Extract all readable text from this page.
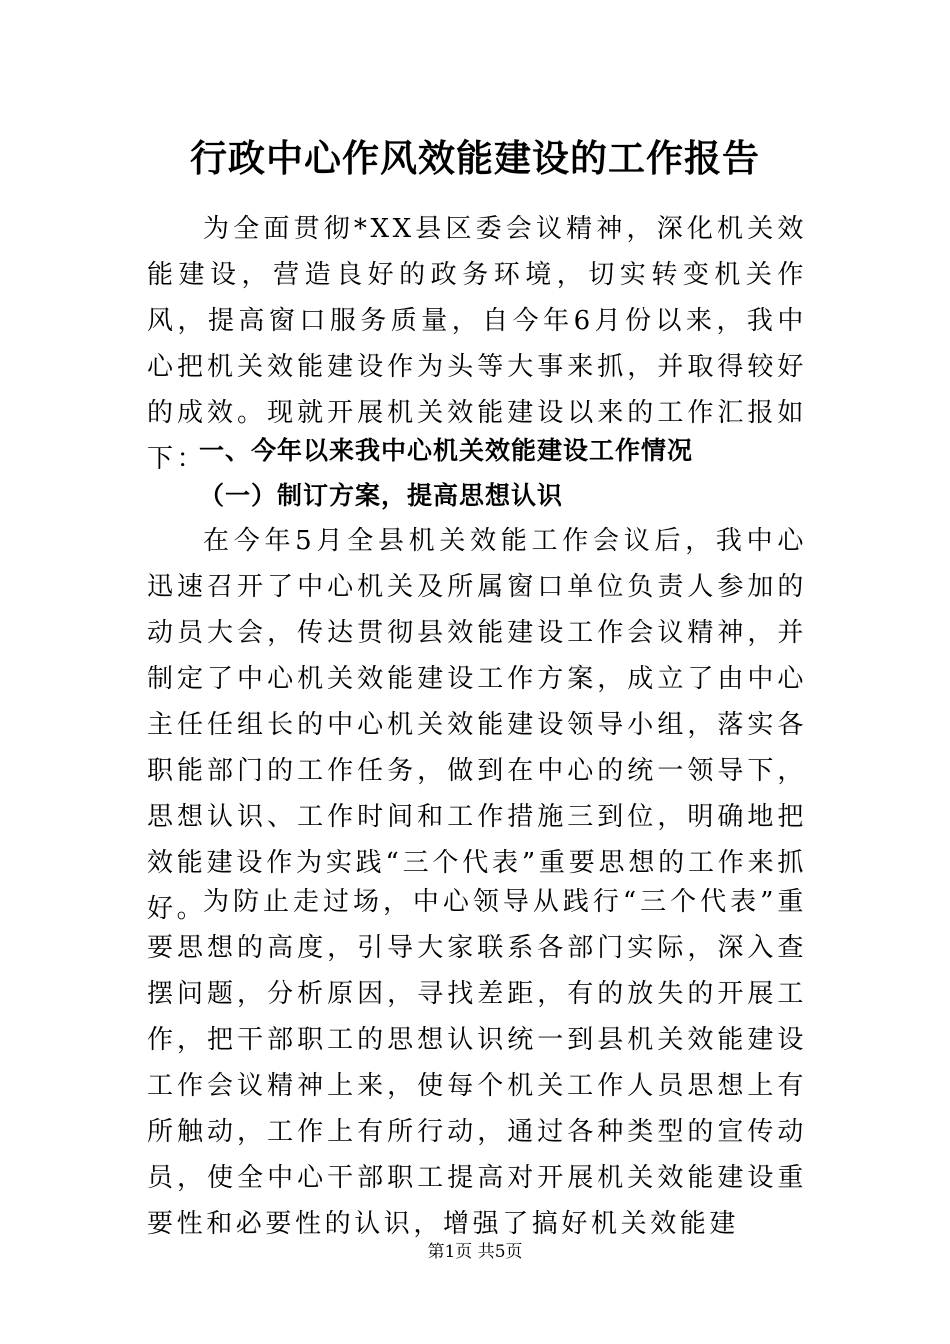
行政中心作风效能建设的工作报告

为全面贯彻*XX县区委会议精神，深化机关效能建设，营造良好的政务环境，切实转变机关作风，提高窗口服务质量，自今年6月份以来，我中心把机关效能建设作为头等大事来抓，并取得较好的成效。现就开展机关效能建设以来的工作汇报如下：

一、今年以来我中心机关效能建设工作情况
（一）制订方案，提高思想认识

在今年5月全县机关效能工作会议后，我中心迅速召开了中心机关及所属窗口单位负责人参加的动员大会，传达贯彻县效能建设工作会议精神，并制定了中心机关效能建设工作方案，成立了由中心主任任组长的中心机关效能建设领导小组，落实各职能部门的工作任务，做到在中心的统一领导下，思想认识、工作时间和工作措施三到位，明确地把效能建设作为实践“三个代表”重要思想的工作来抓好。

为防止走过场，中心领导从践行“三个代表”重要思想的高度，引导大家联系各部门实际，深入查摆问题，分析原因，寻找差距，有的放失的开展工作，把干部职工的思想认识统一到县机关效能建设工作会议精神上来，使每个机关工作人员思想上有所触动，工作上有所行动，通过各种类型的宣传动员，使全中心干部职工提高对开展机关效能建设重要性和必要性的认识，增强了搞好机关效能建

第1页 共5页
